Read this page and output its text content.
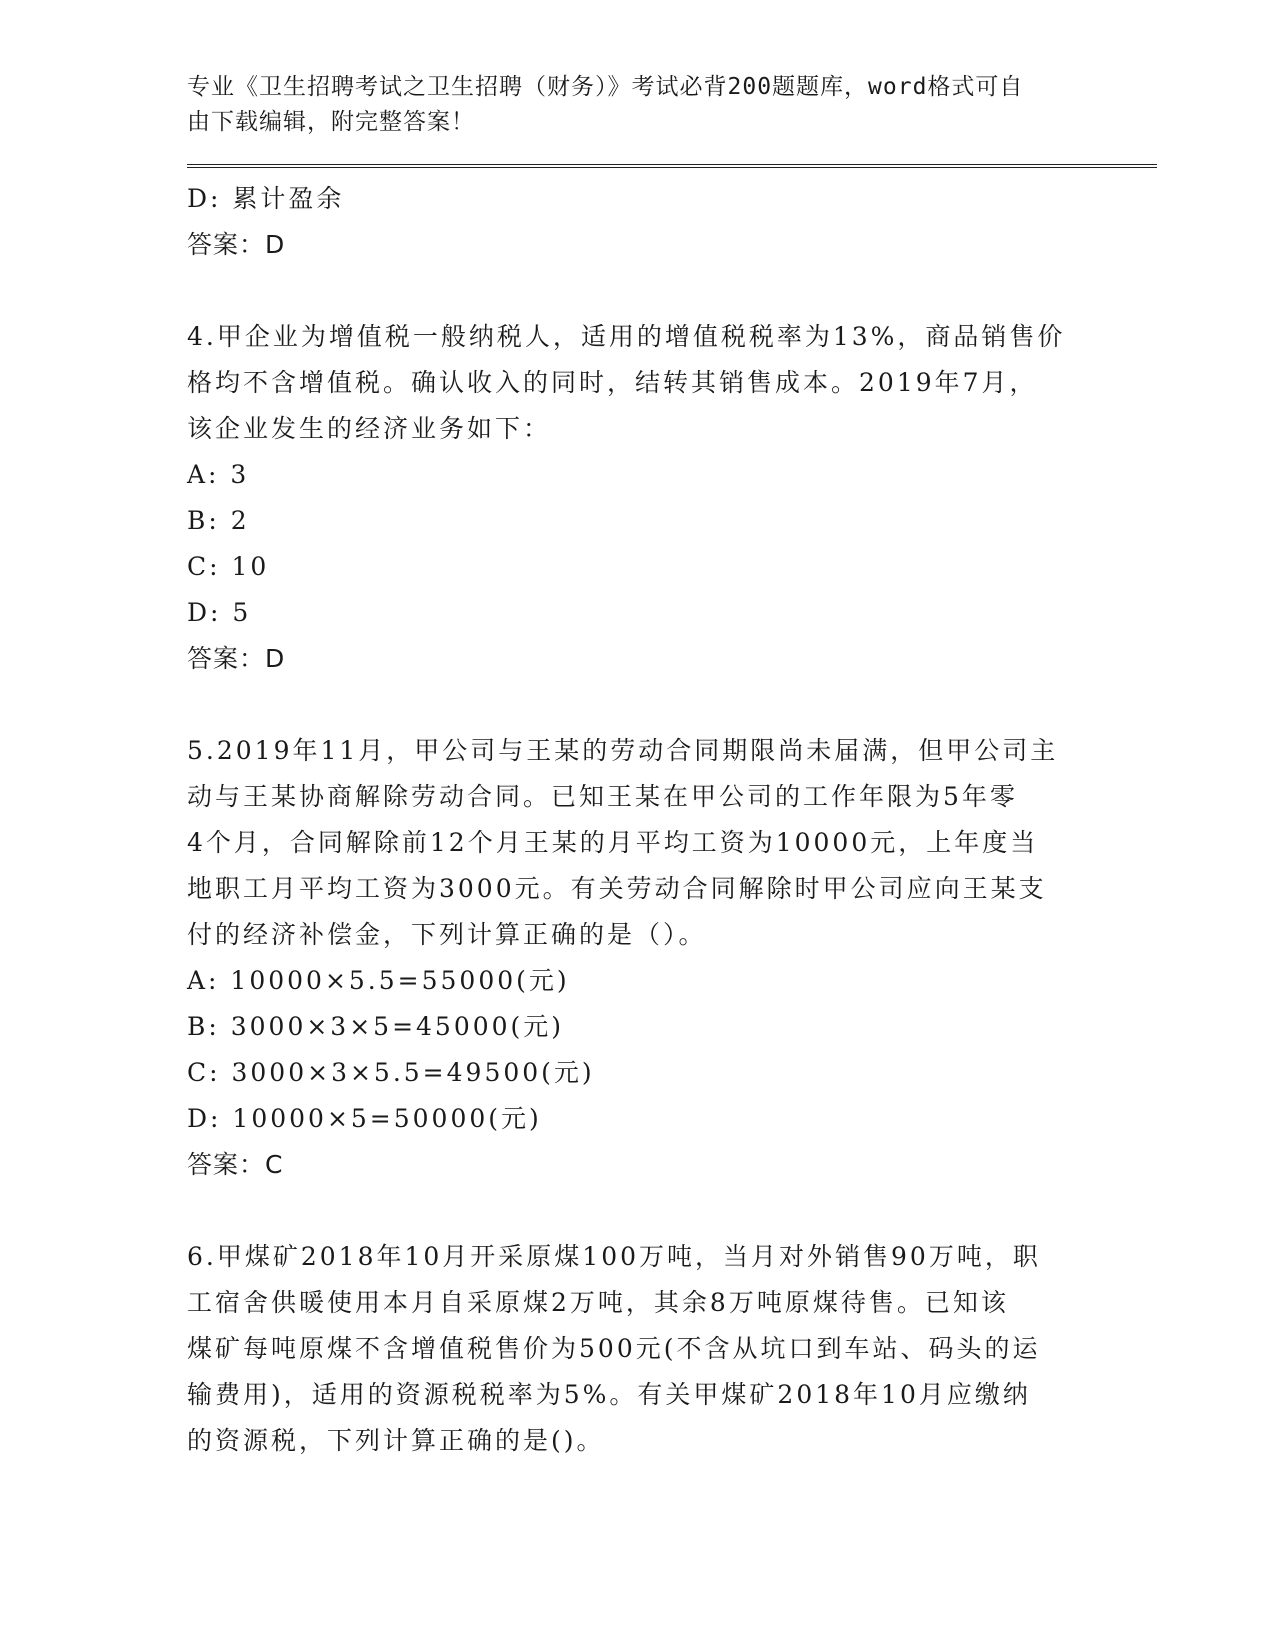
专业《卫生招聘考试之卫生招聘（财务）》考试必背200题题库，word格式可自
由下载编辑，附完整答案！
D: 累计盈余
答案：D
4.甲企业为增值税一般纳税人，适用的增值税税率为13%，商品销售价
格均不含增值税。确认收入的同时，结转其销售成本。2019年7月，
该企业发生的经济业务如下：
A: 3
B: 2
C: 10
D: 5
答案：D
5.2019年11月，甲公司与王某的劳动合同期限尚未届满，但甲公司主
动与王某协商解除劳动合同。已知王某在甲公司的工作年限为5年零
4个月，合同解除前12个月王某的月平均工资为10000元，上年度当
地职工月平均工资为3000元。有关劳动合同解除时甲公司应向王某支
付的经济补偿金，下列计算正确的是（）。
A: 10000×5.5=55000(元)
B: 3000×3×5=45000(元)
C: 3000×3×5.5=49500(元)
D: 10000×5=50000(元)
答案：C
6.甲煤矿2018年10月开采原煤100万吨，当月对外销售90万吨，职
工宿舍供暖使用本月自采原煤2万吨，其余8万吨原煤待售。已知该
煤矿每吨原煤不含增值税售价为500元(不含从坑口到车站、码头的运
输费用)，适用的资源税税率为5%。有关甲煤矿2018年10月应缴纳
的资源税，下列计算正确的是()。
